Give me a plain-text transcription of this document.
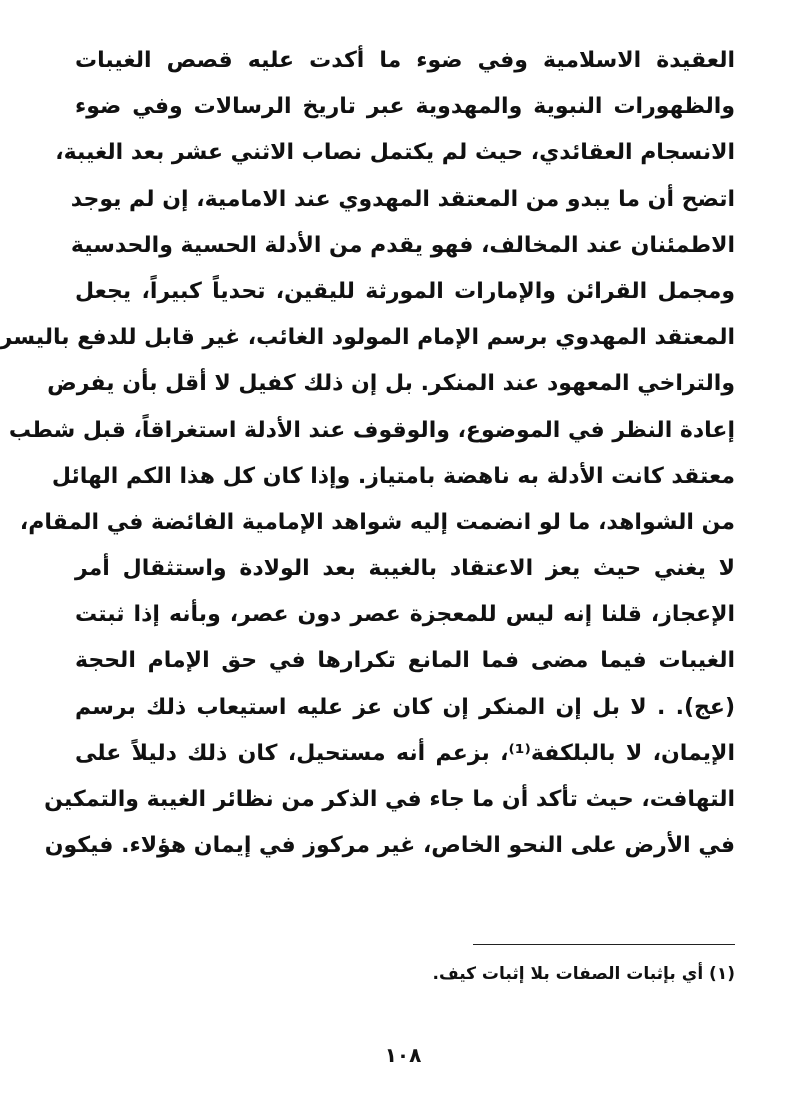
العقيدة الاسلامية وفي ضوء ما أكدت عليه قصص الغيبات
والظهورات النبوية والمهدوية عبر تاريخ الرسالات وفي ضوء
الانسجام العقائدي، حيث لم يكتمل نصاب الاثني عشر بعد الغيبة،
اتضح أن ما يبدو من المعتقد المهدوي عند الامامية، إن لم يوجد
الاطمئنان عند المخالف، فهو يقدم من الأدلة الحسية والحدسية
ومجمل القرائن والإمارات المورثة لليقين، تحدياً كبيراً، يجعل
المعتقد المهدوي برسم الإمام المولود الغائب، غير قابل للدفع باليسر
والتراخي المعهود عند المنكر. بل إن ذلك كفيل لا أقل بأن يفرض
إعادة النظر في الموضوع، والوقوف عند الأدلة استغراقاً، قبل شطب
معتقد كانت الأدلة به ناهضة بامتياز. وإذا كان كل هذا الكم الهائل
من الشواهد، ما لو انضمت إليه شواهد الإمامية الفائضة في المقام،
لا يغني حيث يعز الاعتقاد بالغيبة بعد الولادة واستثقال أمر
الإعجاز، قلنا إنه ليس للمعجزة عصر دون عصر، وبأنه إذا ثبتت
الغيبات فيما مضى فما المانع تكرارها في حق الإمام الحجة
(عج). . لا بل إن المنكر إن كان عز عليه استيعاب ذلك برسم
الإيمان، لا بالبلكفة⁽¹⁾، بزعم أنه مستحيل، كان ذلك دليلاً على
التهافت، حيث تأكد أن ما جاء في الذكر من نظائر الغيبة والتمكين
في الأرض على النحو الخاص، غير مركوز في إيمان هؤلاء. فيكون
(١) أي بإثبات الصفات بلا إثبات كيف.
١٠٨
